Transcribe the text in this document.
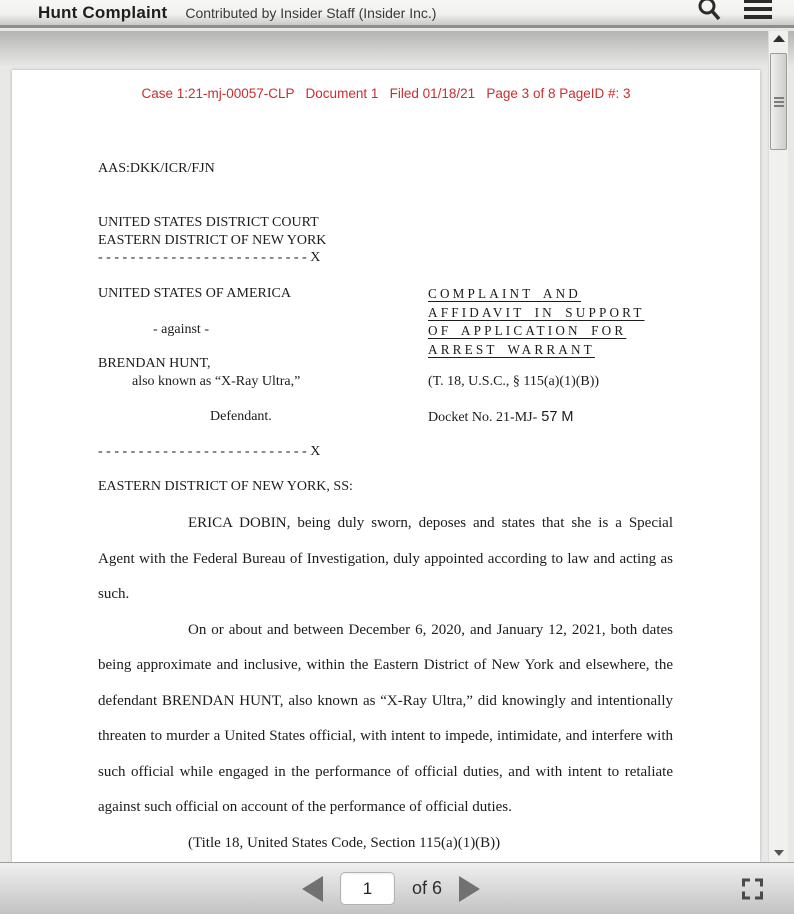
Hunt Complaint Contributed by Insider Staff (Insider Inc.)
Case 1:21-mj-00057-CLP   Document 1   Filed 01/18/21   Page 3 of 8 PageID #: 3
AAS:DKK/ICR/FJN
UNITED STATES DISTRICT COURT
EASTERN DISTRICT OF NEW YORK
- - - - - - - - - - - - - - - - - - - - - - - - - - X
UNITED STATES OF AMERICA
- against -
BRENDAN HUNT,
also known as “X-Ray Ultra,”
Defendant.
COMPLAINT AND
AFFIDAVIT IN SUPPORT
OF APPLICATION FOR
ARREST WARRANT
(T. 18, U.S.C., § 115(a)(1)(B))
Docket No. 21-MJ- 57 M
- - - - - - - - - - - - - - - - - - - - - - - - - - X
EASTERN DISTRICT OF NEW YORK, SS:

ERICA DOBIN, being duly sworn, deposes and states that she is a Special Agent with the Federal Bureau of Investigation, duly appointed according to law and acting as such.

On or about and between December 6, 2020, and January 12, 2021, both dates being approximate and inclusive, within the Eastern District of New York and elsewhere, the defendant BRENDAN HUNT, also known as “X-Ray Ultra,” did knowingly and intentionally threaten to murder a United States official, with intent to impede, intimidate, and interfere with such official while engaged in the performance of official duties, and with intent to retaliate against such official on account of the performance of official duties.

(Title 18, United States Code, Section 115(a)(1)(B))

1
of 6
